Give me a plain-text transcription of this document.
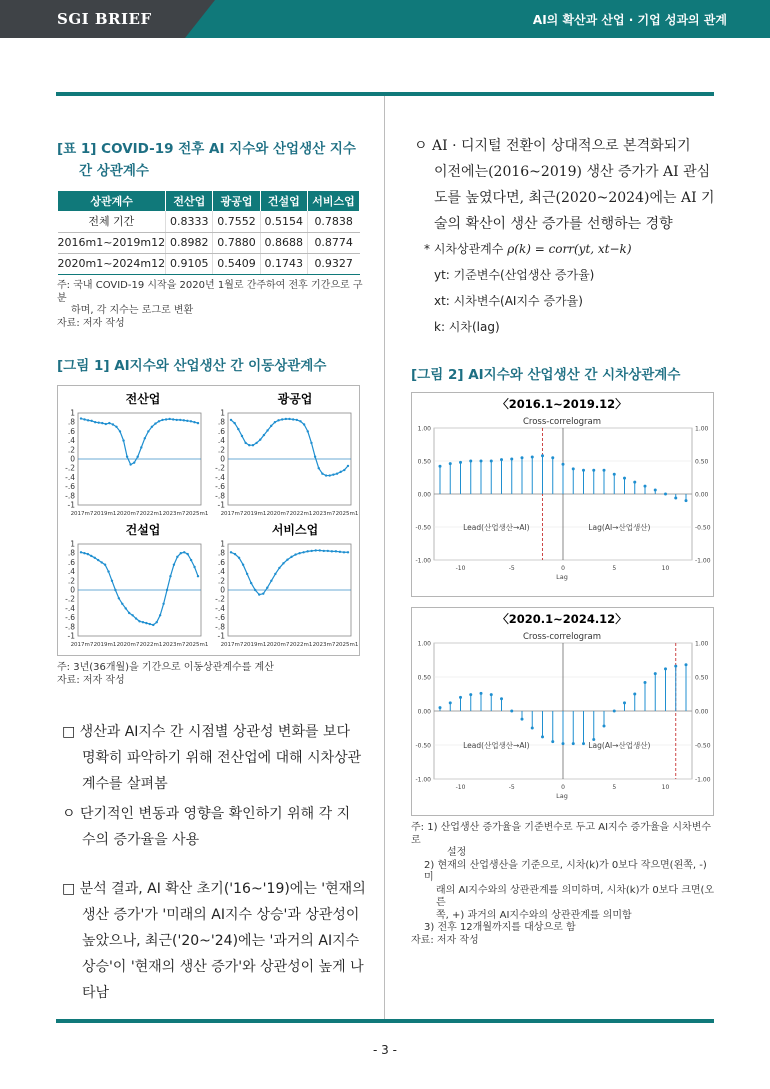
SGI BRIEF	AI의 확산과 산업 · 기업 성과의 관계
[표 1] COVID-19 전후 AI 지수와 산업생산 지수
간 상관계수
상관계수	전산업	광공업	건설업	서비스업
전체 기간	0.8333	0.7552	0.5154	0.7838
2016m1~2019m12	0.8982	0.7880	0.8688	0.8774
2020m1~2024m12	0.9105	0.5409	0.1743	0.9327
주: 국내 COVID-19 시작을 2020년 1월로 간주하여 전후 기간으로 구분
하며, 각 지수는 로그로 변환
자료: 저자 작성
[그림 1] AI지수와 산업생산 간 이동상관계수
전산업
1
.8
.6
.4
.2
0
-.2
-.4
-.6
-.8
-1
2017m7 2019m1 2020m7 2022m1 2023m7 2025m1
광공업
1
.8
.6
.4
.2
0
-.2
-.4
-.6
-.8
-1
2017m7 2019m1 2020m7 2022m1 2023m7 2025m1
건설업
1
.8
.6
.4
.2
0
-.2
-.4
-.6
-.8
-1
2017m7 2019m1 2020m7 2022m1 2023m7 2025m1
서비스업
1
.8
.6
.4
.2
0
-.2
-.4
-.6
-.8
-1
2017m7 2019m1 2020m7 2022m1 2023m7 2025m1
주: 3년(36개월)을 기간으로 이동상관계수를 계산
자료: 저자 작성
□ 생산과 AI지수 간 시점별 상관성 변화를 보다
명확히 파악하기 위해 전산업에 대해 시차상관
계수를 살펴봄
ㅇ 단기적인 변동과 영향을 확인하기 위해 각 지
수의 증가율을 사용
□ 분석 결과, AI 확산 초기('16~'19)에는 '현재의
생산 증가'가 '미래의 AI지수 상승'과 상관성이
높았으나, 최근('20~'24)에는 '과거의 AI지수
상승'이 '현재의 생산 증가'와 상관성이 높게 나
타남
ㅇ AI · 디지털 전환이 상대적으로 본격화되기
이전에는(2016~2019) 생산 증가가 AI 관심
도를 높였다면, 최근(2020~2024)에는 AI 기
술의 확산이 생산 증가를 선행하는 경향
* 시차상관계수 ρ(k) = corr(yt, xt−k)
yt: 기준변수(산업생산 증가율)
xt: 시차변수(AI지수 증가율)
k: 시차(lag)
[그림 2] AI지수와 산업생산 간 시차상관계수
〈2016.1~2019.12〉
Cross-correlogram
1.00	1.00
0.50	0.50
0.00	0.00
-0.50	-0.50
-1.00	-1.00
-10	-5	0	5	10
Lag
Lead(산업생산→AI)	Lag(AI→산업생산)
〈2020.1~2024.12〉
Cross-correlogram
1.00	1.00
0.50	0.50
0.00	0.00
-0.50	-0.50
-1.00	-1.00
-10	-5	0	5	10
Lag
Lead(산업생산→AI)	Lag(AI→산업생산)
주: 1) 산업생산 증가율을 기준변수로 두고 AI지수 증가율을 시차변수로
설정
2) 현재의 산업생산을 기준으로, 시차(k)가 0보다 작으면(왼쪽, -) 미
래의 AI지수와의 상관관계를 의미하며, 시차(k)가 0보다 크면(오른
쪽, +) 과거의 AI지수와의 상관관계를 의미함
3) 전후 12개월까지를 대상으로 함
자료: 저자 작성
- 3 -
